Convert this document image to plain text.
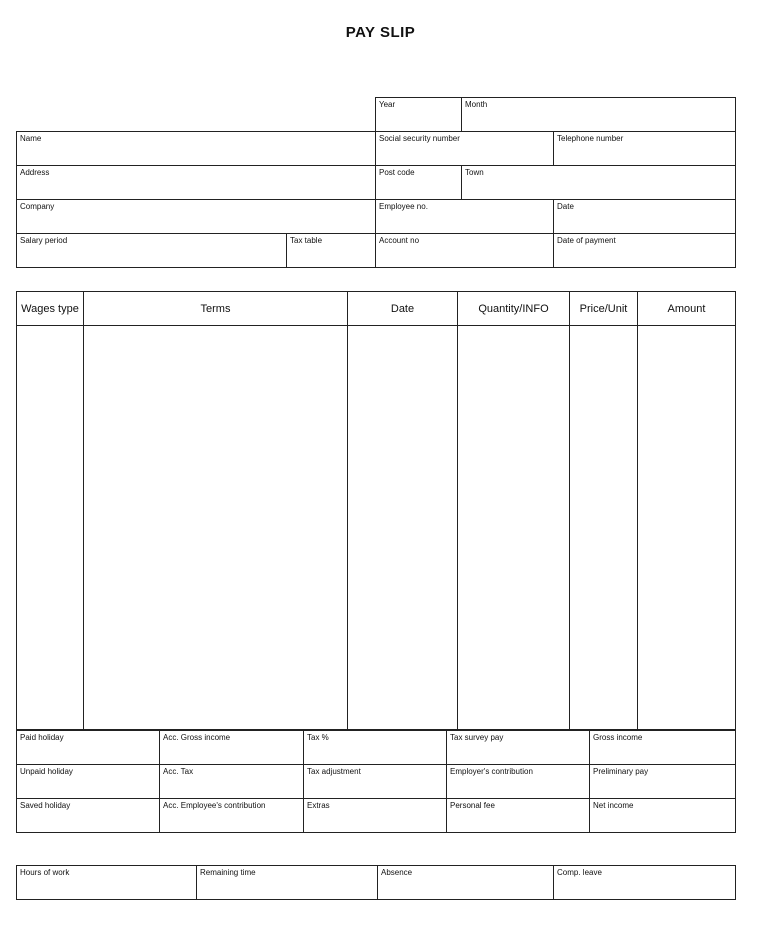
PAY SLIP
		Year	Month	
Name		Social security number		Telephone number
Address		Post code	Town	
Company		Employee no.		Date
Salary period	Tax table	Account no		Date of payment
Wages type	Terms	Date	Quantity/INFO	Price/Unit	Amount

Paid holiday	Acc. Gross income	Tax %	Tax survey pay	Gross income
Unpaid holiday	Acc. Tax	Tax adjustment	Employer's contribution	Preliminary pay
Saved holiday	Acc. Employee's contribution	Extras	Personal fee	Net income
Hours of work	Remaining time	Absence	Comp. leave
